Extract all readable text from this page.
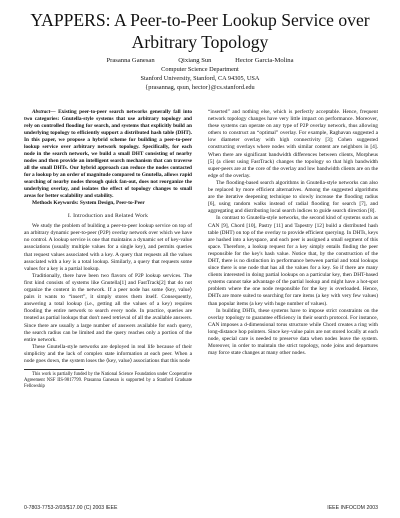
YAPPERS: A Peer-to-Peer Lookup Service over Arbitrary Topology
Prasanna Ganesan	Qixiang Sun	Hector Garcia-Molina
Computer Science Department
Stanford University, Stanford, CA 94305, USA
{prasannag, qsun, hector}@cs.stanford.edu

Abstract— Existing peer-to-peer search networks generally fall into two categories: Gnutella-style systems that use arbitrary topology and rely on controlled flooding for search, and systems that explicitly build an underlying topology to efficiently support a distributed hash table (DHT). In this paper, we propose a hybrid scheme for building a peer-to-peer lookup service over arbitrary network topology. Specifically, for each node in the search network, we build a small DHT consisting of nearby nodes and then provide an intelligent search mechanism that can traverse all the small DHTs. Our hybrid approach can reduce the nodes contacted for a lookup by an order of magnitude compared to Gnutella, allows rapid searching of nearby nodes through quick fan-out, does not reorganize the underlying overlay, and isolates the effect of topology changes to small areas for better scalability and stability.

Methods Keywords: System Design, Peer-to-Peer

I. Introduction and Related Work

We study the problem of building a peer-to-peer lookup service on top of an arbitrary dynamic peer-to-peer (P2P) overlay network over which we have no control. A lookup service is one that maintains a dynamic set of key-value associations (usually multiple values for a single key), and permits queries that request values associated with a key. A query that requests all the values associated with a key is a total lookup. Similarly, a query that requests some values for a key is a partial lookup.

Traditionally, there have been two flavors of P2P lookup services. The first kind consists of systems like Gnutella[1] and FastTrack[2] that do not organize the content in the network. If a peer node has some ⟨key, value⟩ pairs it wants to “insert”, it simply stores them itself. Consequently, answering a total lookup (i.e., getting all the values of a key) requires flooding the entire network to search every node. In practice, queries are treated as partial lookups that don't need retrieval of all the available answers. Since there are usually a large number of answers available for each query, the search radius can be limited and the query reaches only a portion of the entire network.

These Gnutella-style networks are deployed in real life because of their simplicity and the lack of complex state information at each peer. When a node goes down, the system loses the ⟨key, value⟩ associations that this node

This work is partially funded by the National Science Foundation under Cooperative Agreement NSF IIS-9817799. Prasanna Ganesan is supported by a Stanford Graduate Fellowship

“inserted” and nothing else, which is perfectly acceptable. Hence, frequent network topology changes have very little impact on performance. Moreover, these systems can operate on any type of P2P overlay network, thus allowing others to construct an “optimal” overlay. For example, Raghavan suggested a low diameter overlay with high connectivity [3]; Cohen suggested constructing overlays where nodes with similar content are neighbors in [4]. When there are significant bandwidth differences between clients, Morpheus [5] (a client using FastTrack) changes the topology so that high bandwidth super-peers are at the core of the overlay and low bandwidth clients are on the edge of the overlay.

The flooding-based search algorithms in Gnutella-style networks can also be replaced by more efficient alternatives. Among the suggested algorithms are the iterative deepening technique to slowly increase the flooding radius [6], using random walks instead of radial flooding for search [7], and aggregating and distributing local search indices to guide search direction [8].

In contrast to Gnutella-style networks, the second kind of systems such as CAN [9], Chord [10], Pastry [11] and Tapestry [12] build a distributed hash table (DHT) on top of the overlay to provide efficient querying. In DHTs, keys are hashed into a keyspace, and each peer is assigned a small segment of this space. Therefore, a lookup request for a key simply entails finding the peer responsible for the key's hash value. Notice that, by the construction of the DHT, there is no distinction in performance between partial and total lookups since there is one node that has all the values for a key. So if there are many clients interested in doing partial lookups on a particular key, then DHT-based systems cannot take advantage of the partial lookup and might have a hot-spot problem where the one node responsible for the key is overloaded. Hence, DHTs are more suited to searching for rare items (a key with very few values) than popular items (a key with huge number of values).

In building DHTs, these systems have to impose strict constraints on the overlay topology to guarantee efficiency in their search protocol. For instance, CAN imposes a d-dimensional torus structure while Chord creates a ring with long-distance hop pointers. Since key-value pairs are not stored locally at each node, special care is needed to preserve data when nodes leave the system. Moreover, in order to maintain the strict topology, node joins and departures may force state changes at many other nodes.

0-7803-7753-2/03/$17.00 (C) 2003 IEEE	IEEE INFOCOM 2003
